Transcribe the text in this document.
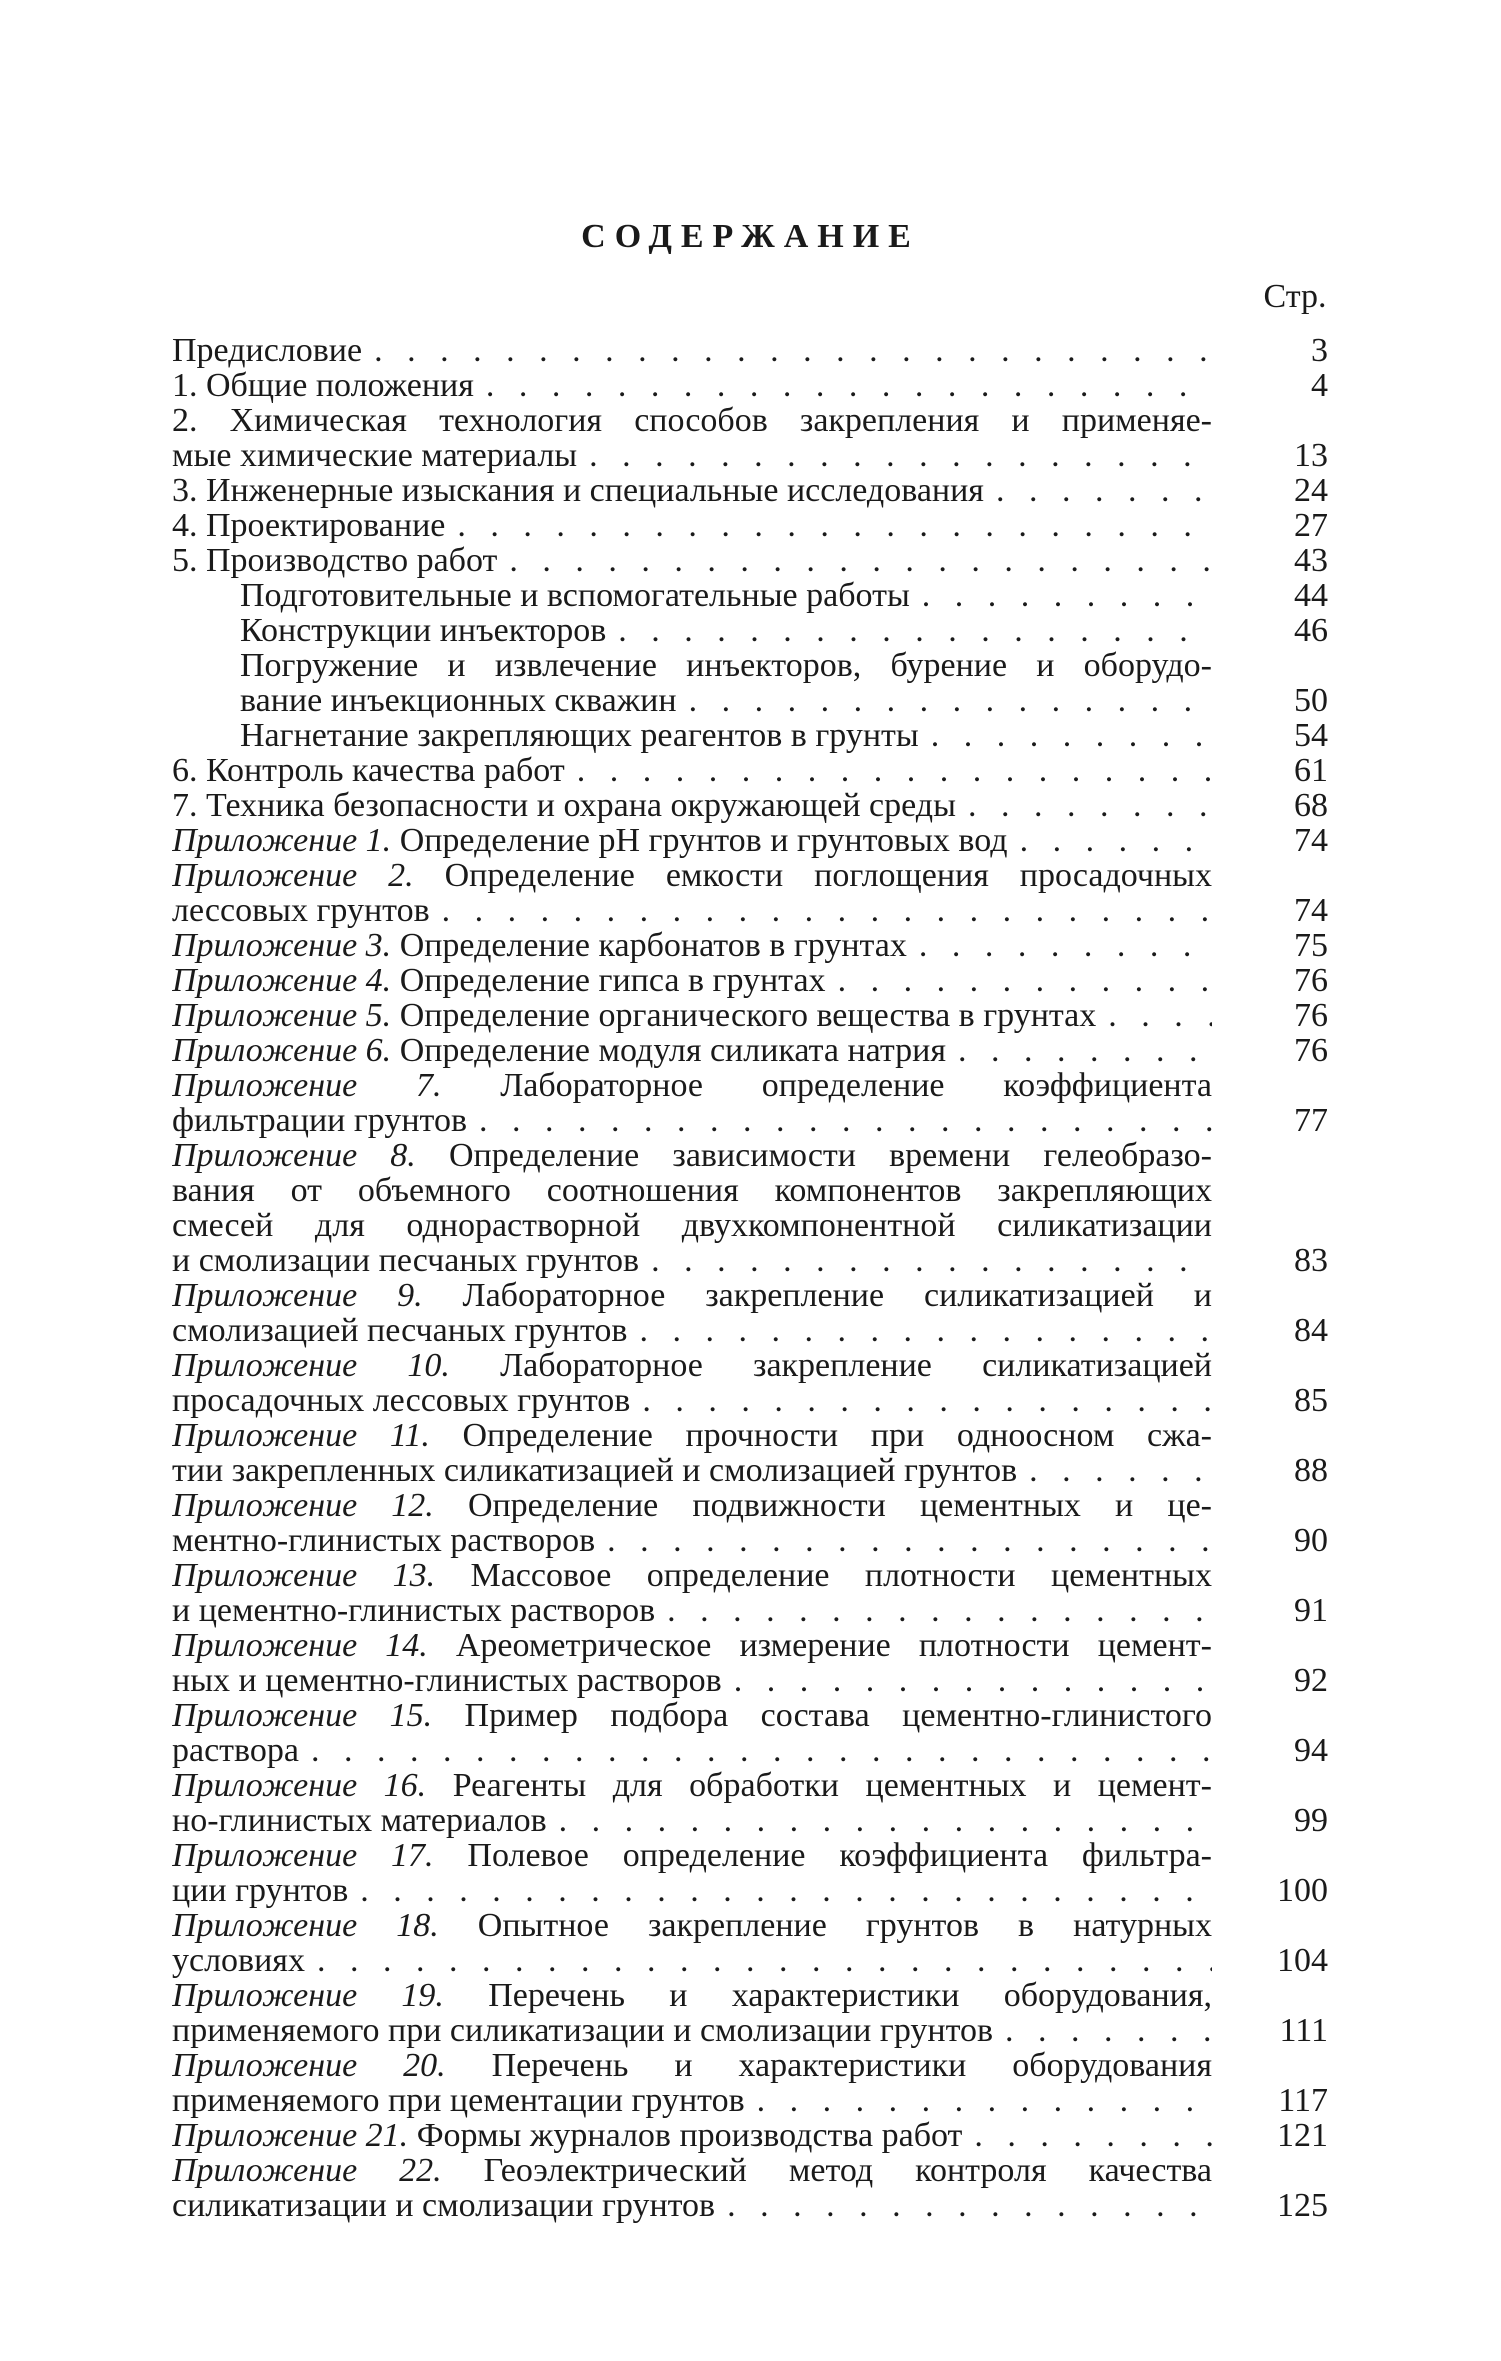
СОДЕРЖАНИЕ
Стр.
Предисловие . . .	3
1. Общие положения . . .	4
2. Химическая технология способов закрепления и применяе-
мые химические материалы . . .	13
3. Инженерные изыскания и специальные исследования . . .	24
4. Проектирование . . .	27
5. Производство работ . . .	43
Подготовительные и вспомогательные работы . . .	44
Конструкции инъекторов . . .	46
Погружение и извлечение инъекторов, бурение и оборудо-
вание инъекционных скважин . . .	50
Нагнетание закрепляющих реагентов в грунты . . .	54
6. Контроль качества работ . . .	61
7. Техника безопасности и охрана окружающей среды . . .	68
Приложение 1. Определение рН грунтов и грунтовых вод . . .	74
Приложение 2. Определение емкости поглощения просадочных
лессовых грунтов . . .	74
Приложение 3. Определение карбонатов в грунтах . . .	75
Приложение 4. Определение гипса в грунтах . . .	76
Приложение 5. Определение органического вещества в грунтах . . .	76
Приложение 6. Определение модуля силиката натрия . . .	76
Приложение 7. Лабораторное определение коэффициента
фильтрации грунтов . . .	77
Приложение 8. Определение зависимости времени гелеобразо-
вания от объемного соотношения компонентов закрепляющих
смесей для однорастворной двухкомпонентной силикатизации
и смолизации песчаных грунтов . . .	83
Приложение 9. Лабораторное закрепление силикатизацией и
смолизацией песчаных грунтов . . .	84
Приложение 10. Лабораторное закрепление силикатизацией
просадочных лессовых грунтов . . .	85
Приложение 11. Определение прочности при одноосном сжа-
тии закрепленных силикатизацией и смолизацией грунтов . . .	88
Приложение 12. Определение подвижности цементных и це-
ментно-глинистых растворов . . .	90
Приложение 13. Массовое определение плотности цементных
и цементно-глинистых растворов . . .	91
Приложение 14. Ареометрическое измерение плотности цемент-
ных и цементно-глинистых растворов . . .	92
Приложение 15. Пример подбора состава цементно-глинистого
раствора . . .	94
Приложение 16. Реагенты для обработки цементных и цемент-
но-глинистых материалов . . .	99
Приложение 17. Полевое определение коэффициента фильтра-
ции грунтов . . .	100
Приложение 18. Опытное закрепление грунтов в натурных
условиях . . .	104
Приложение 19. Перечень и характеристики оборудования,
применяемого при силикатизации и смолизации грунтов . . .	111
Приложение 20. Перечень и характеристики оборудования
применяемого при цементации грунтов . . .	117
Приложение 21. Формы журналов производства работ . . .	121
Приложение 22. Геоэлектрический метод контроля качества
силикатизации и смолизации грунтов . . .	125
